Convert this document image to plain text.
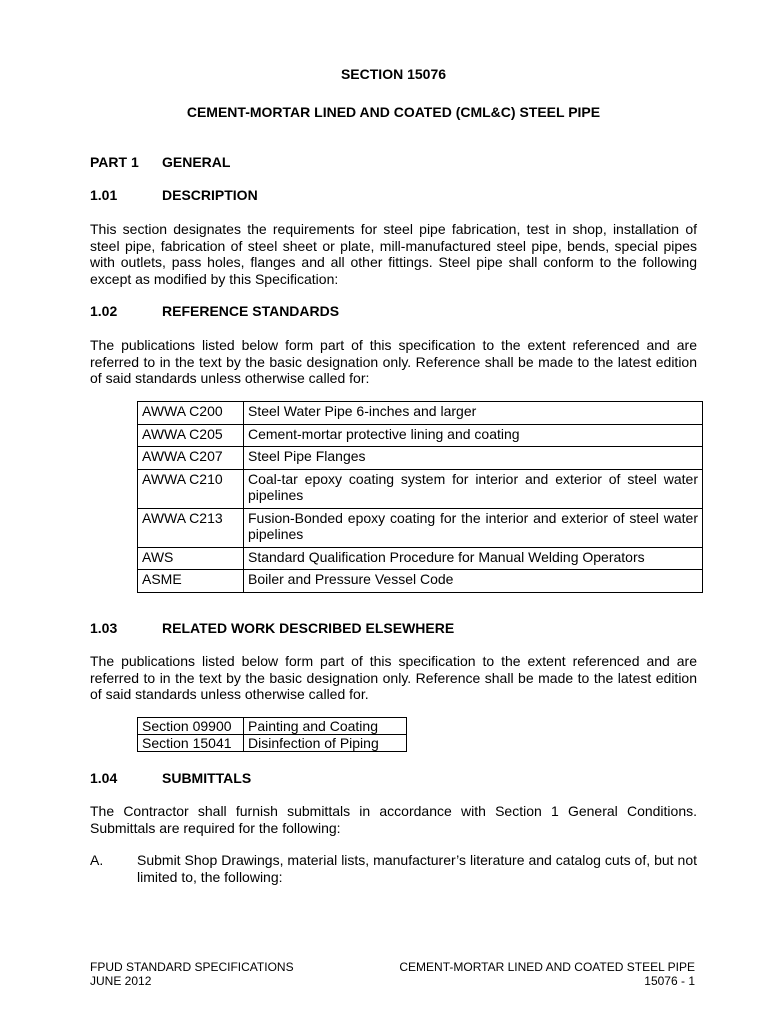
SECTION 15076
CEMENT-MORTAR LINED AND COATED (CML&C) STEEL PIPE
PART 1 GENERAL
1.01	DESCRIPTION
This section designates the requirements for steel pipe fabrication, test in shop, installation of steel pipe, fabrication of steel sheet or plate, mill-manufactured steel pipe, bends, special pipes with outlets, pass holes, flanges and all other fittings. Steel pipe shall conform to the following except as modified by this Specification:
1.02	REFERENCE STANDARDS
The publications listed below form part of this specification to the extent referenced and are referred to in the text by the basic designation only. Reference shall be made to the latest edition of said standards unless otherwise called for:
AWWA C200	Steel Water Pipe 6-inches and larger
AWWA C205	Cement-mortar protective lining and coating
AWWA C207	Steel Pipe Flanges
AWWA C210	Coal-tar epoxy coating system for interior and exterior of steel water pipelines
AWWA C213	Fusion-Bonded epoxy coating for the interior and exterior of steel water pipelines
AWS	Standard Qualification Procedure for Manual Welding Operators
ASME	Boiler and Pressure Vessel Code
1.03	RELATED WORK DESCRIBED ELSEWHERE
The publications listed below form part of this specification to the extent referenced and are referred to in the text by the basic designation only. Reference shall be made to the latest edition of said standards unless otherwise called for.
Section 09900	Painting and Coating
Section 15041	Disinfection of Piping
1.04	SUBMITTALS
The Contractor shall furnish submittals in accordance with Section 1 General Conditions. Submittals are required for the following:
A. Submit Shop Drawings, material lists, manufacturer’s literature and catalog cuts of, but not limited to, the following:
FPUD STANDARD SPECIFICATIONS
JUNE 2012
CEMENT-MORTAR LINED AND COATED STEEL PIPE
15076 - 1
